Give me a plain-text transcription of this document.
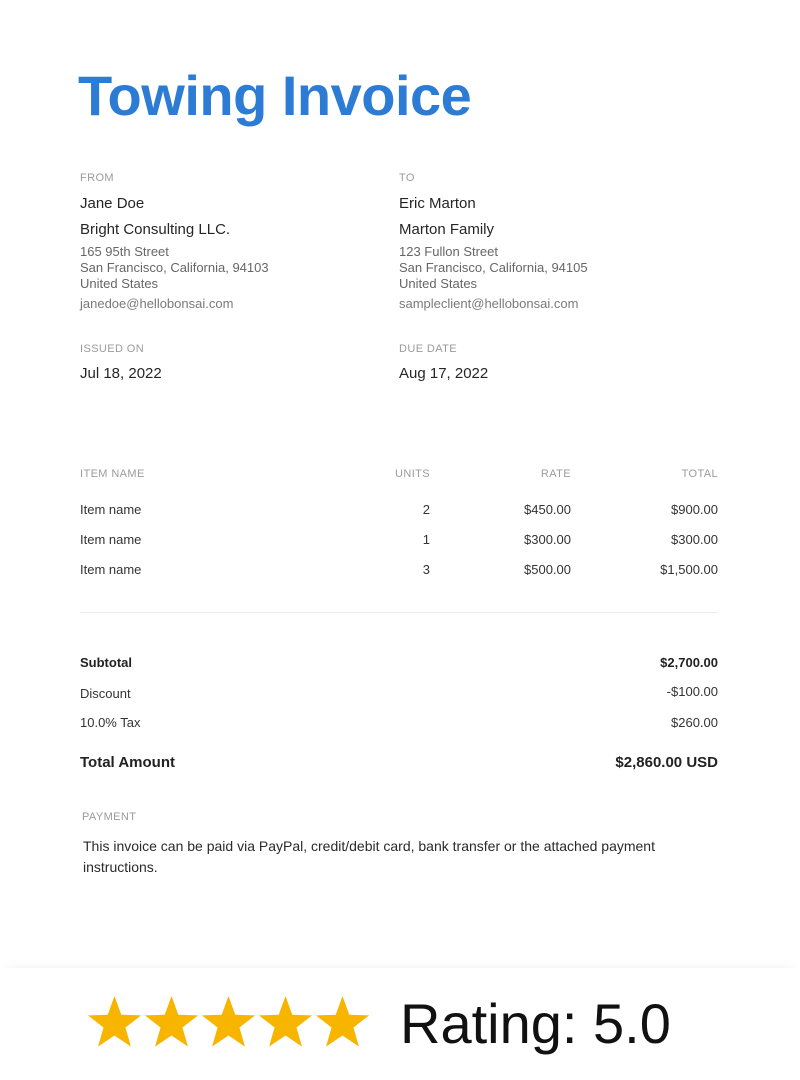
Towing Invoice
FROM
Jane Doe
Bright Consulting LLC.
165 95th Street
San Francisco, California, 94103
United States
janedoe@hellobonsai.com
TO
Eric Marton
Marton Family
123 Fullon Street
San Francisco, California, 94105
United States
sampleclient@hellobonsai.com
ISSUED ON
Jul 18, 2022
DUE DATE
Aug 17, 2022
ITEM NAME	UNITS	RATE	TOTAL
Item name	2	$450.00	$900.00
Item name	1	$300.00	$300.00
Item name	3	$500.00	$1,500.00
Subtotal	$2,700.00
Discount	-$100.00
10.0% Tax	$260.00
Total Amount	$2,860.00 USD
PAYMENT
This invoice can be paid via PayPal, credit/debit card, bank transfer or the attached payment instructions.
Rating: 5.0
